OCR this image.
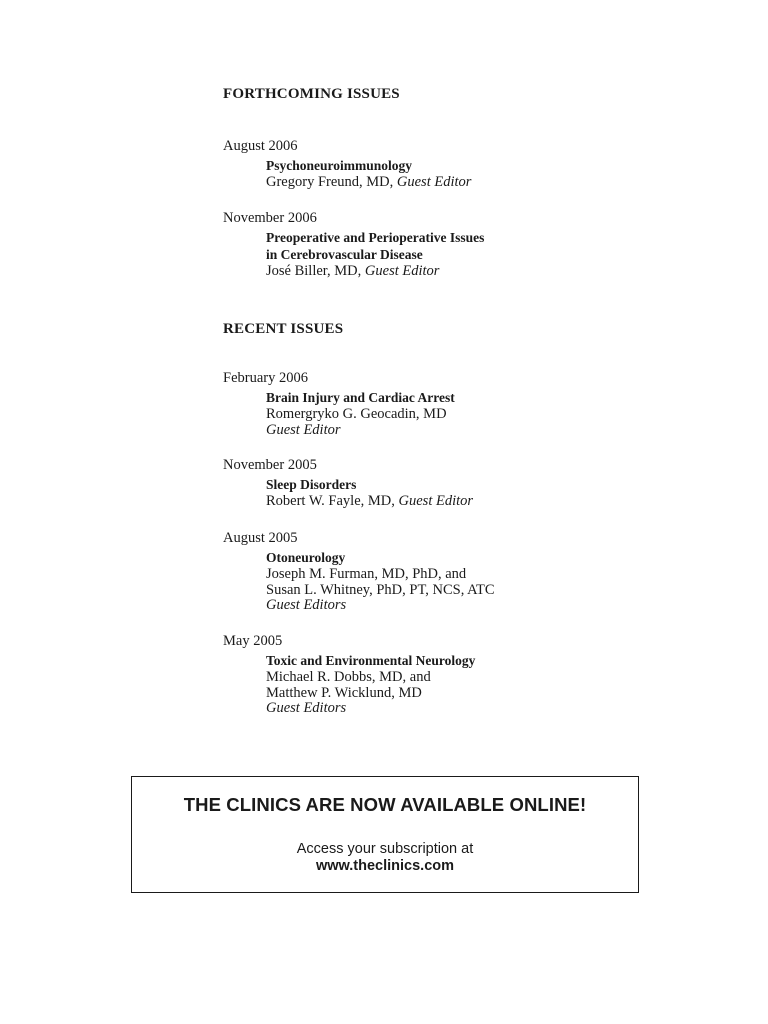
FORTHCOMING ISSUES

August 2006

Psychoneuroimmunology

Gregory Freund, MD, Guest Editor

November 2006

Preoperative and Perioperative Issues

in Cerebrovascular Disease

José Biller, MD, Guest Editor

RECENT ISSUES

February 2006

Brain Injury and Cardiac Arrest

Romergryko G. Geocadin, MD

Guest Editor

November 2005

Sleep Disorders

Robert W. Fayle, MD, Guest Editor

August 2005

Otoneurology

Joseph M. Furman, MD, PhD, and

Susan L. Whitney, PhD, PT, NCS, ATC

Guest Editors

May 2005

Toxic and Environmental Neurology

Michael R. Dobbs, MD, and

Matthew P. Wicklund, MD

Guest Editors

THE CLINICS ARE NOW AVAILABLE ONLINE!

Access your subscription at

www.theclinics.com
